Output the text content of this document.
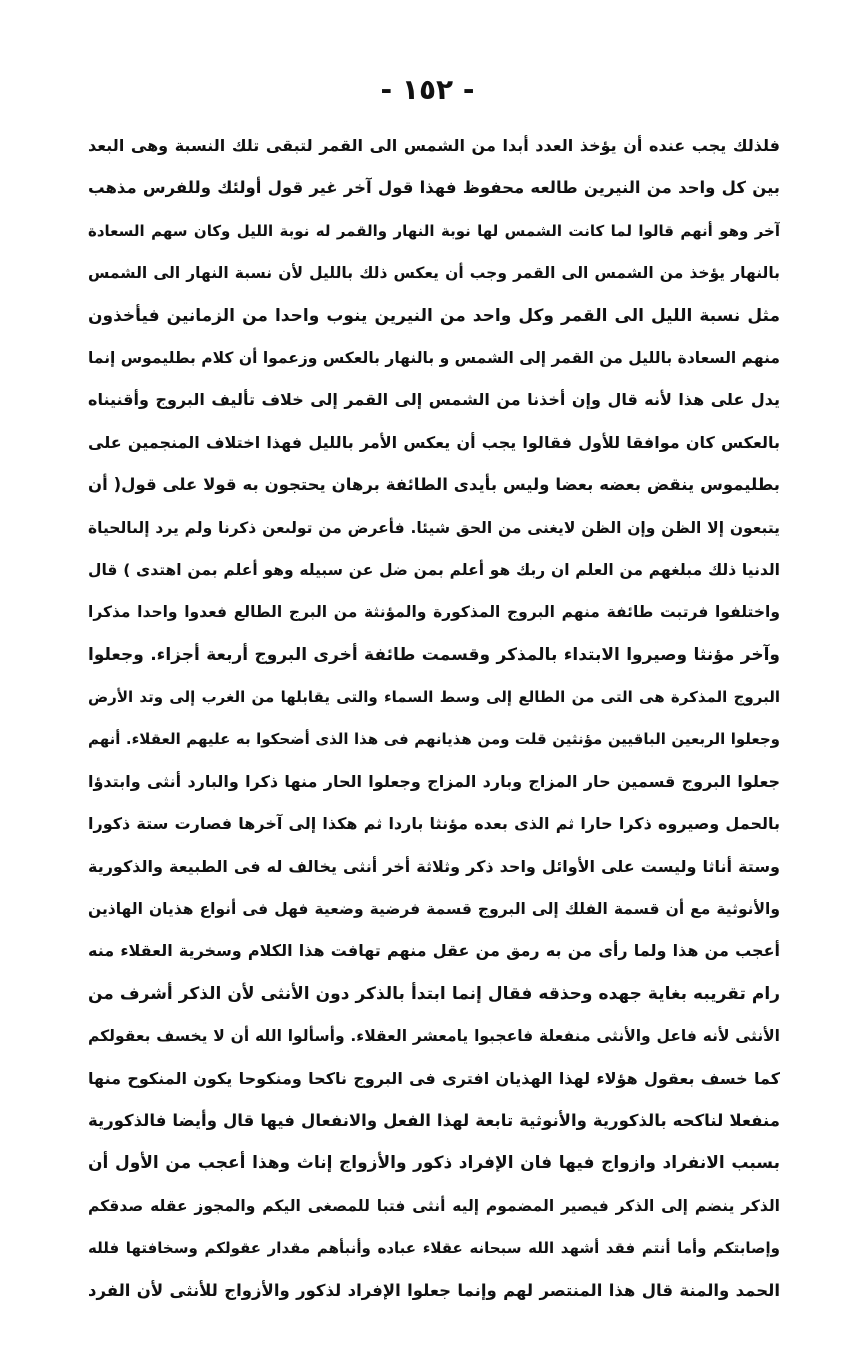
- ١٥٢ -
فلذلك يجب عنده أن يؤخذ العدد أبدا من الشمس الى القمر لتبقى تلك النسبة وهى البعد
بين كل واحد من النيرين طالعه محفوظ فهذا قول آخر غير قول أولئك وللفرس مذهب
آخر وهو أنهم قالوا لما كانت الشمس لها نوبة النهار والقمر له نوبة الليل وكان سهم السعادة
بالنهار يؤخذ من الشمس الى القمر وجب أن يعكس ذلك بالليل لأن نسبة النهار الى الشمس
مثل نسبة الليل الى القمر وكل واحد من النيرين ينوب واحدا من الزمانين فيأخذون
منهم السعادة بالليل من القمر إلى الشمس و بالنهار بالعكس وزعموا أن كلام بطليموس إنما
يدل على هذا لأنه قال وإن أخذنا من الشمس إلى القمر إلى خلاف تأليف البروج وأقنيناه
بالعكس كان موافقا للأول فقالوا يجب أن يعكس الأمر بالليل فهذا اختلاف المنجمين على
بطليموس ينقض بعضه بعضا وليس بأيدى الطائفة برهان يحتجون به قولا على قول( أن
يتبعون إلا الظن وإن الظن لايغنى من الحق شيئا. فأعرض من تولىعن ذكرنا ولم يرد إلىالحياة
الدنيا ذلك مبلغهم من العلم ان ربك هو أعلم بمن ضل عن سبيله وهو أعلم بمن اهتدى ) قال
واختلفوا فرتبت طائفة منهم البروج المذكورة والمؤنثة من البرج الطالع فعدوا واحدا مذكرا
وآخر مؤنثا وصيروا الابتداء بالمذكر وقسمت طائفة أخرى البروج أربعة أجزاء. وجعلوا
البروج المذكرة هى التى من الطالع إلى وسط السماء والتى يقابلها من الغرب إلى وتد الأرض
وجعلوا الربعين الباقيين مؤنثين قلت ومن هذيانهم فى هذا الذى أضحكوا به عليهم العقلاء. أنهم
جعلوا البروج قسمين حار المزاج وبارد المزاج وجعلوا الحار منها ذكرا والبارد أنثى وابتدؤا
بالحمل وصيروه ذكرا حارا ثم الذى بعده مؤنثا باردا ثم هكذا إلى آخرها فصارت ستة ذكورا
وستة أناثا وليست على الأوائل واحد ذكر وثلاثة أخر أنثى يخالف له فى الطبيعة والذكورية
والأنوثية مع أن قسمة الفلك إلى البروج قسمة فرضية وضعية فهل فى أنواع هذيان الهاذين
أعجب من هذا ولما رأى من به رمق من عقل منهم تهافت هذا الكلام وسخرية العقلاء منه
رام تقريبه بغاية جهده وحذقه فقال إنما ابتدأ بالذكر دون الأنثى لأن الذكر أشرف من
الأنثى لأنه فاعل والأنثى منفعلة فاعجبوا يامعشر العقلاء. وأسألوا الله أن لا يخسف بعقولكم
كما خسف بعقول هؤلاء لهذا الهذيان افترى فى البروج ناكحا ومنكوحا يكون المنكوح منها
منفعلا لناكحه بالذكورية والأنوثية تابعة لهذا الفعل والانفعال فيها قال وأيضا فالذكورية
بسبب الانفراد وازواج فيها فان الإفراد ذكور والأزواج إناث وهذا أعجب من الأول أن
الذكر ينضم إلى الذكر فيصير المضموم إليه أنثى فتبا للمصغى اليكم والمجوز عقله صدقكم
وإصابتكم وأما أنتم فقد أشهد الله سبحانه عقلاء عباده وأنبأهم مقدار عقولكم وسخافتها فلله
الحمد والمنة قال هذا المنتصر لهم وإنما جعلوا الإفراد لذكور والأزواج للأنثى لأن الفرد
